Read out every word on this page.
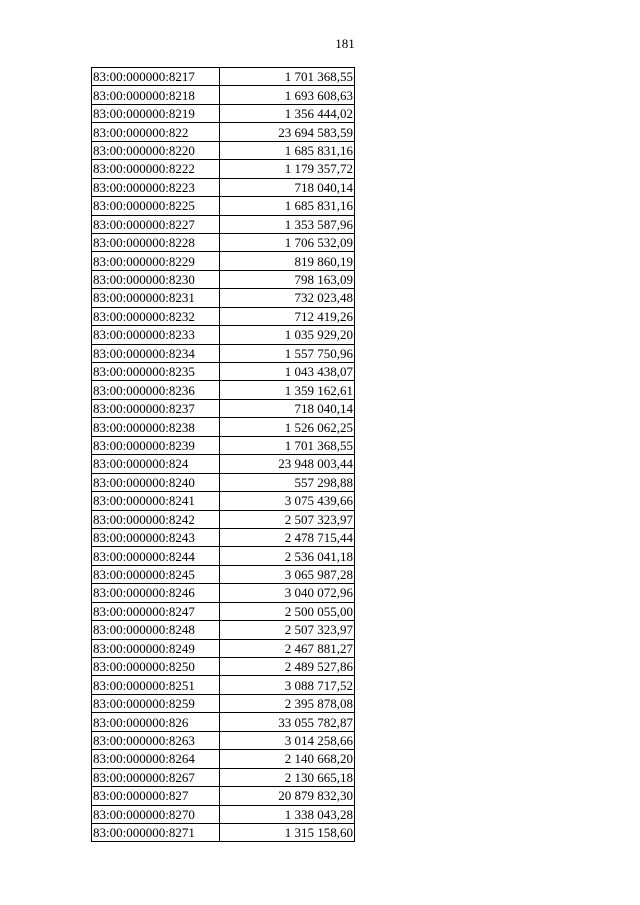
181
83:00:000000:8217	1 701 368,55
83:00:000000:8218	1 693 608,63
83:00:000000:8219	1 356 444,02
83:00:000000:822	23 694 583,59
83:00:000000:8220	1 685 831,16
83:00:000000:8222	1 179 357,72
83:00:000000:8223	718 040,14
83:00:000000:8225	1 685 831,16
83:00:000000:8227	1 353 587,96
83:00:000000:8228	1 706 532,09
83:00:000000:8229	819 860,19
83:00:000000:8230	798 163,09
83:00:000000:8231	732 023,48
83:00:000000:8232	712 419,26
83:00:000000:8233	1 035 929,20
83:00:000000:8234	1 557 750,96
83:00:000000:8235	1 043 438,07
83:00:000000:8236	1 359 162,61
83:00:000000:8237	718 040,14
83:00:000000:8238	1 526 062,25
83:00:000000:8239	1 701 368,55
83:00:000000:824	23 948 003,44
83:00:000000:8240	557 298,88
83:00:000000:8241	3 075 439,66
83:00:000000:8242	2 507 323,97
83:00:000000:8243	2 478 715,44
83:00:000000:8244	2 536 041,18
83:00:000000:8245	3 065 987,28
83:00:000000:8246	3 040 072,96
83:00:000000:8247	2 500 055,00
83:00:000000:8248	2 507 323,97
83:00:000000:8249	2 467 881,27
83:00:000000:8250	2 489 527,86
83:00:000000:8251	3 088 717,52
83:00:000000:8259	2 395 878,08
83:00:000000:826	33 055 782,87
83:00:000000:8263	3 014 258,66
83:00:000000:8264	2 140 668,20
83:00:000000:8267	2 130 665,18
83:00:000000:827	20 879 832,30
83:00:000000:8270	1 338 043,28
83:00:000000:8271	1 315 158,60
